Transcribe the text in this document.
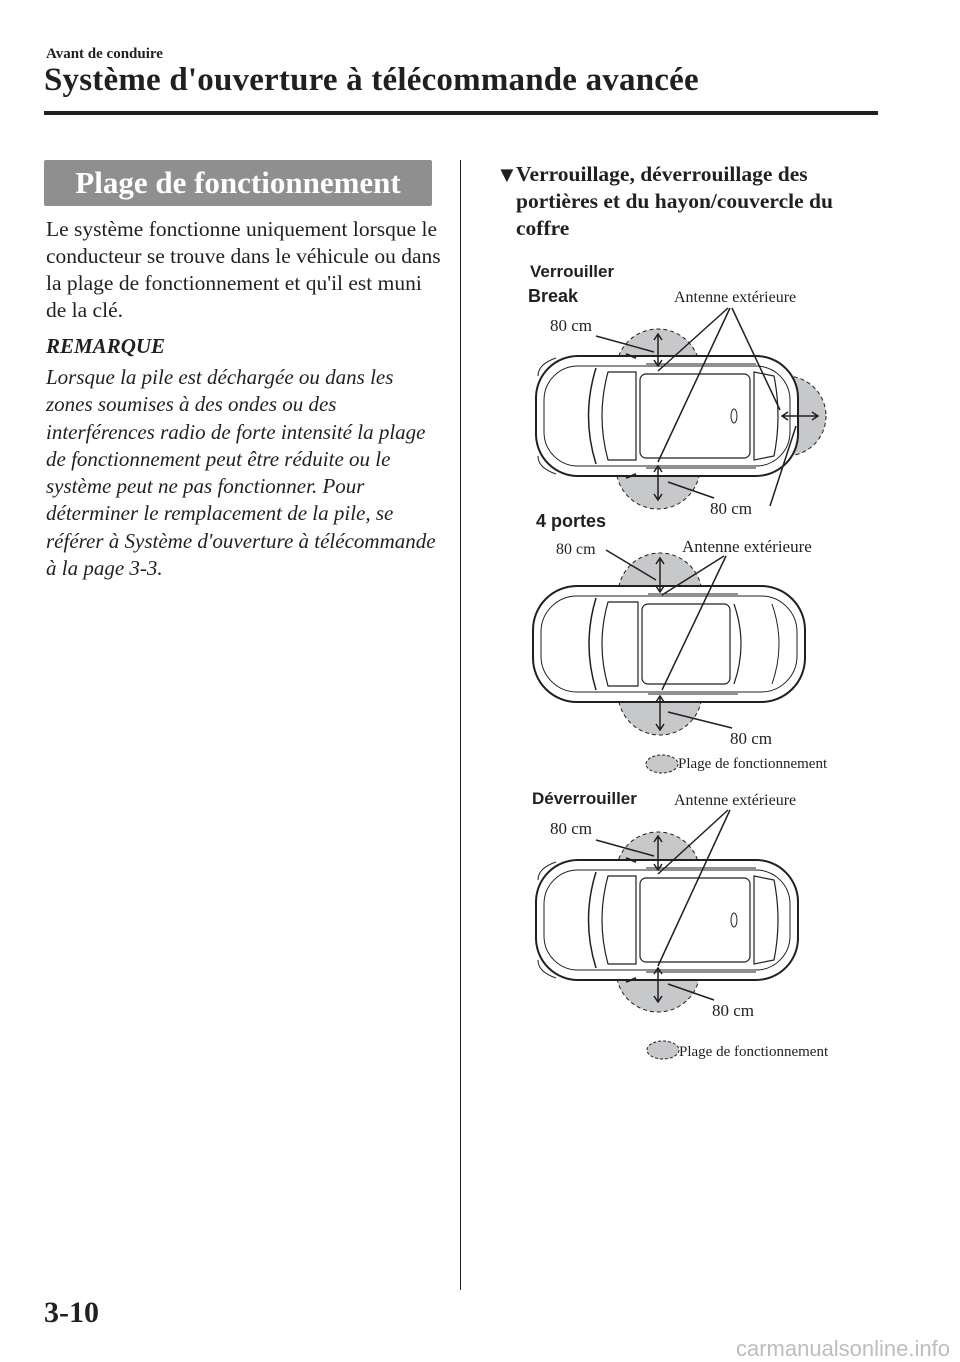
Avant de conduire
Système d'ouverture à télécommande avancée
Plage de fonctionnement
Le système fonctionne uniquement lorsque le conducteur se trouve dans le véhicule ou dans la plage de fonctionnement et qu'il est muni de la clé.
REMARQUE
Lorsque la pile est déchargée ou dans les zones soumises à des ondes ou des interférences radio de forte intensité la plage de fonctionnement peut être réduite ou le système peut ne pas fonctionner. Pour déterminer le remplacement de la pile, se référer à Système d'ouverture à télécommande à la page 3-3.
▼
Verrouillage, déverrouillage des portières et du hayon/couvercle du coffre
Verrouiller
Break	Antenne extérieure
80 cm
80 cm
4 portes
80 cm	Antenne extérieure
80 cm
Plage de fonctionnement
Déverrouiller Antenne extérieure
80 cm
80 cm
Plage de fonctionnement
3-10
carmanualsonline.info
